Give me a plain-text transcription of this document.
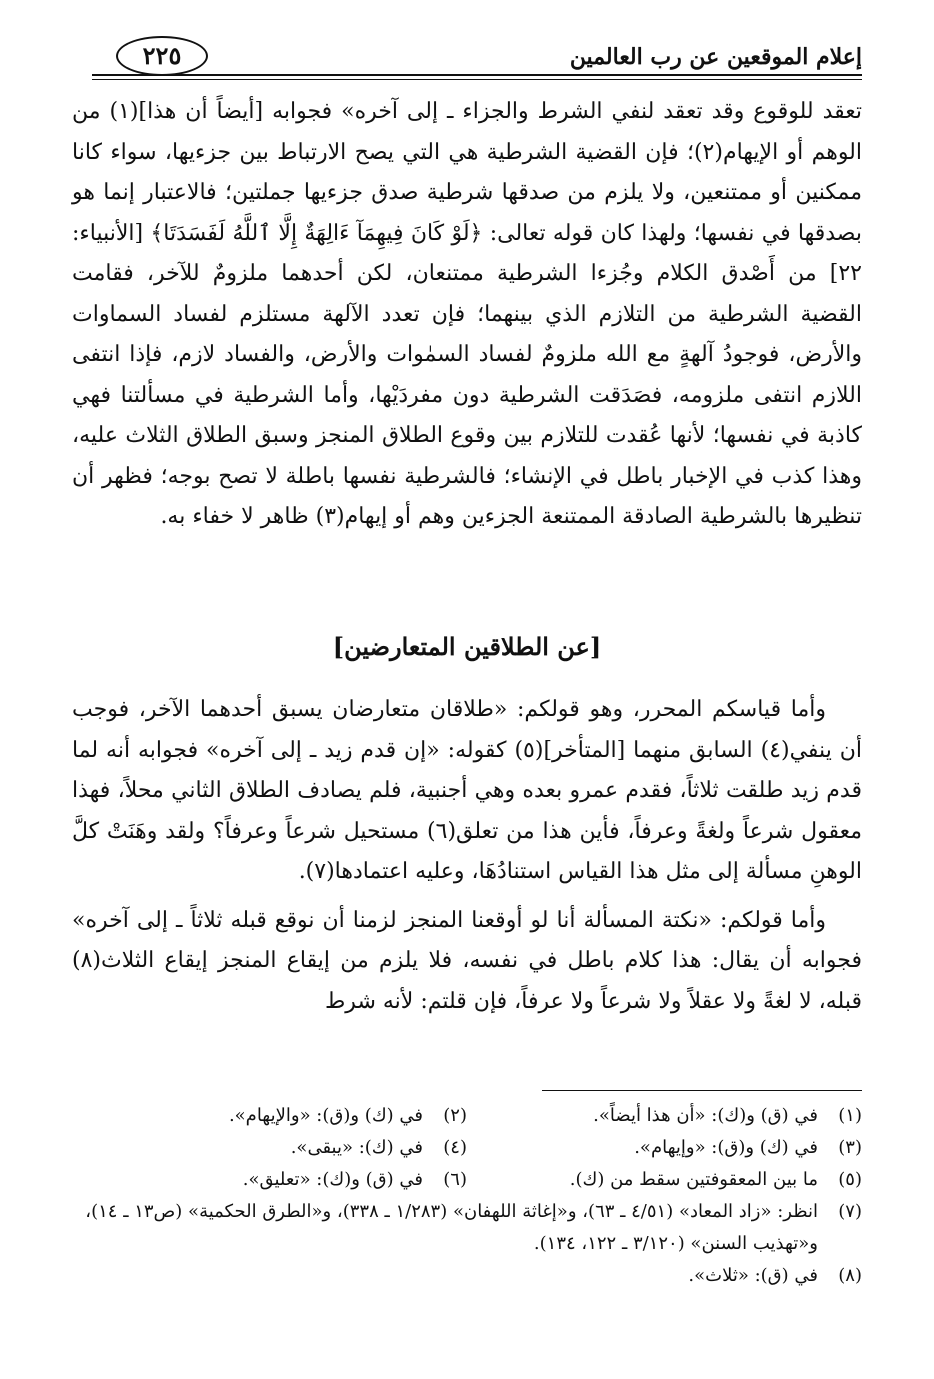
إعلام الموقعين عن رب العالمين
٢٢٥

تعقد للوقوع وقد تعقد لنفي الشرط والجزاء ـ إلى آخره» فجوابه [أيضاً أن هذا](١) من الوهم أو الإيهام(٢)؛ فإن القضية الشرطية هي التي يصح الارتباط بين جزءيها، سواء كانا ممكنين أو ممتنعين، ولا يلزم من صدقها شرطية صدق جزءيها جملتين؛ فالاعتبار إنما هو بصدقها في نفسها؛ ولهذا كان قوله تعالى: ﴿لَوْ كَانَ فِيهِمَآ ءَالِهَةٌ إِلَّا ٱللَّهُ لَفَسَدَتَا﴾ [الأنبياء: ٢٢] من أَصْدق الكلام وجُزءا الشرطية ممتنعان، لكن أحدهما ملزومٌ للآخر، فقامت القضية الشرطية من التلازم الذي بينهما؛ فإن تعدد الآلهة مستلزم لفساد السماوات والأرض، فوجودُ آلهةٍ مع الله ملزومٌ لفساد السمٰوات والأرض، والفساد لازم، فإذا انتفى اللازم انتفى ملزومه، فصَدَقت الشرطية دون مفردَيْها، وأما الشرطية في مسألتنا فهي كاذبة في نفسها؛ لأنها عُقدت للتلازم بين وقوع الطلاق المنجز وسبق الطلاق الثلاث عليه، وهذا كذب في الإخبار باطل في الإنشاء؛ فالشرطية نفسها باطلة لا تصح بوجه؛ فظهر أن تنظيرها بالشرطية الصادقة الممتنعة الجزءين وهم أو إيهام(٣) ظاهر لا خفاء به.

[عن الطلاقين المتعارضين]

وأما قياسكم المحرر، وهو قولكم: «طلاقان متعارضان يسبق أحدهما الآخر، فوجب أن ينفي(٤) السابق منهما [المتأخر](٥) كقوله: «إن قدم زيد ـ إلى آخره» فجوابه أنه لما قدم زيد طلقت ثلاثاً، فقدم عمرو بعده وهي أجنبية، فلم يصادف الطلاق الثاني محلاً، فهذا معقول شرعاً ولغةً وعرفاً، فأين هذا من تعلق(٦) مستحيل شرعاً وعرفاً؟ ولقد وهَنَتْ كلَّ الوهنِ مسألة إلى مثل هذا القياس استنادُهَا، وعليه اعتمادها(٧).

وأما قولكم: «نكتة المسألة أنا لو أوقعنا المنجز لزمنا أن نوقع قبله ثلاثاً ـ إلى آخره» فجوابه أن يقال: هذا كلام باطل في نفسه، فلا يلزم من إيقاع المنجز إيقاع الثلاث(٨) قبله، لا لغةً ولا عقلاً ولا شرعاً ولا عرفاً، فإن قلتم: لأنه شرط

(١)
في (ق) و(ك): «أن هذا أيضاً».
(٢)
في (ك) و(ق): «والإيهام».
(٣)
في (ك) و(ق): «وإيهام».
(٤)
في (ك): «يبقى».
(٥)
ما بين المعقوفتين سقط من (ك).
(٦)
في (ق) و(ك): «تعليق».
(٧)
انظر: «زاد المعاد» (٤/٥١ ـ ٦٣)، و«إغاثة اللهفان» (١/٢٨٣ ـ ٣٣٨)، و«الطرق الحكمية» (ص١٣ ـ ١٤)، و«تهذيب السنن» (٣/١٢٠ ـ ١٢٢، ١٣٤).
(٨)
في (ق): «ثلاث».
